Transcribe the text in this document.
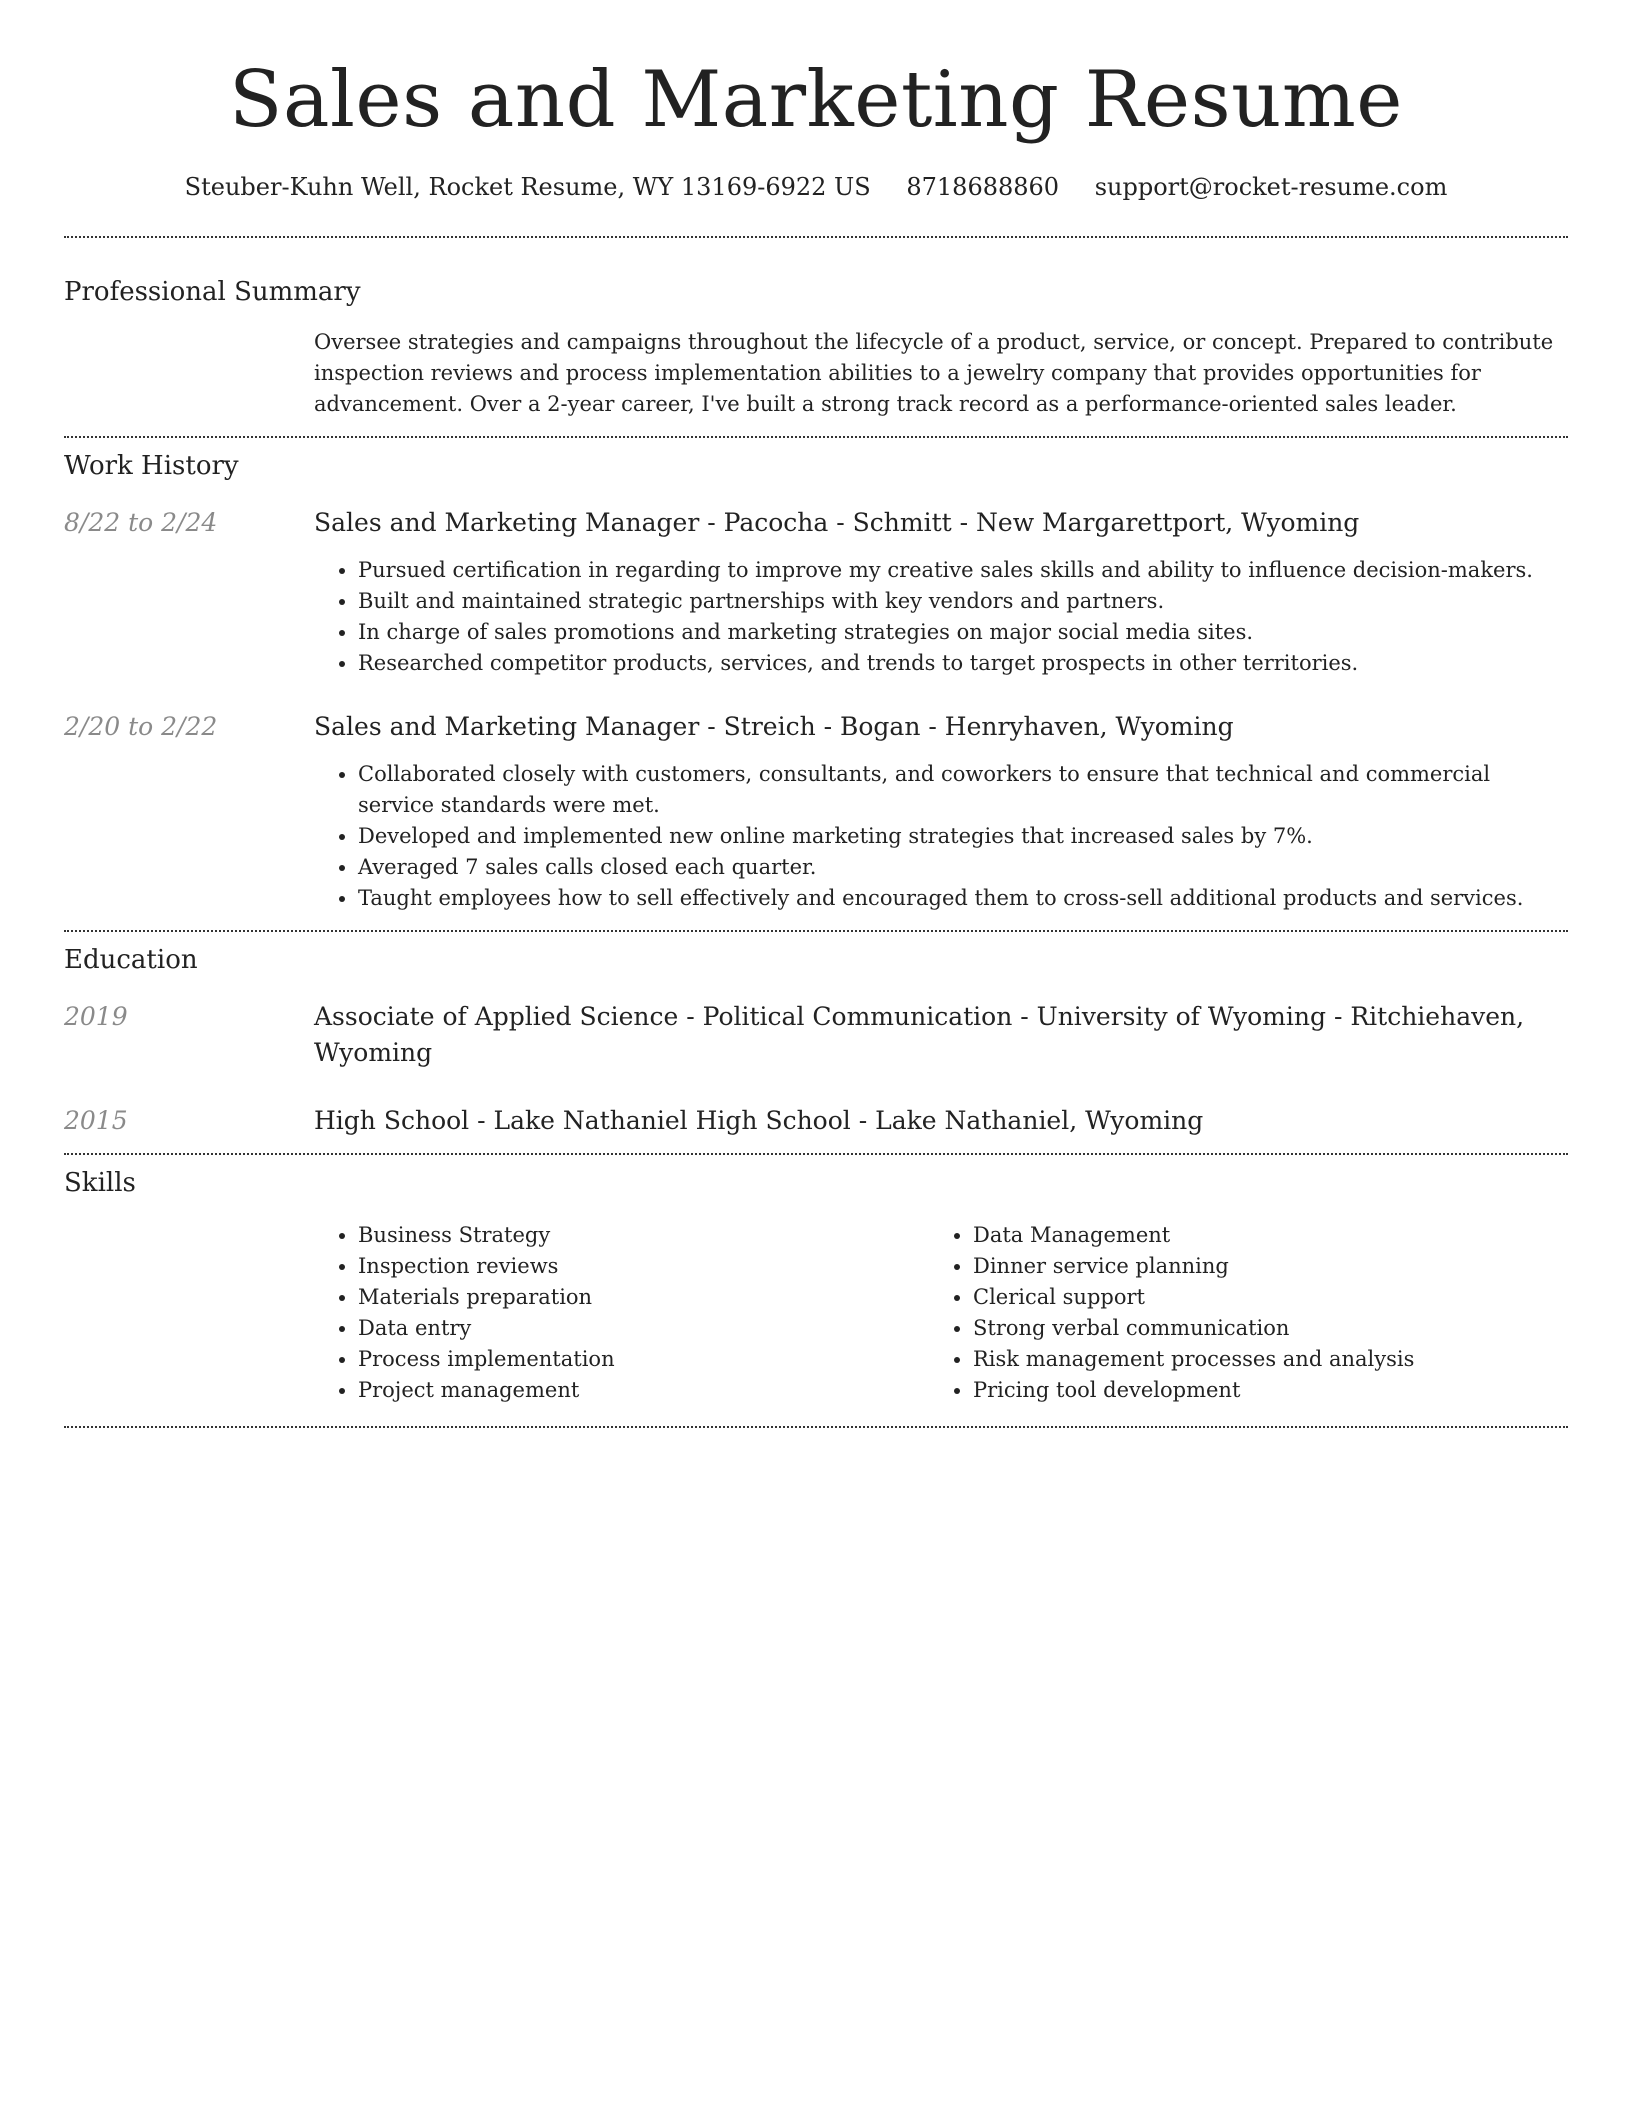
Sales and Marketing Resume
Steuber-Kuhn Well, Rocket Resume, WY 13169-6922 US 8718688860 support@rocket-resume.com
Professional Summary

Oversee strategies and campaigns throughout the lifecycle of a product, service, or concept. Prepared to contribute inspection reviews and process implementation abilities to a jewelry company that provides opportunities for advancement. Over a 2-year career, I've built a strong track record as a performance-oriented sales leader.

Work History
8/22 to 2/24	Sales and Marketing Manager - Pacocha - Schmitt - New Margarettport, Wyoming

• Pursued certification in regarding to improve my creative sales skills and ability to influence decision-makers.
• Built and maintained strategic partnerships with key vendors and partners.
• In charge of sales promotions and marketing strategies on major social media sites.
• Researched competitor products, services, and trends to target prospects in other territories.
2/20 to 2/22	Sales and Marketing Manager - Streich - Bogan - Henryhaven, Wyoming

• Collaborated closely with customers, consultants, and coworkers to ensure that technical and commercial service standards were met.
• Developed and implemented new online marketing strategies that increased sales by 7%.
• Averaged 7 sales calls closed each quarter.
• Taught employees how to sell effectively and encouraged them to cross-sell additional products and services.
Education
2019	Associate of Applied Science - Political Communication - University of Wyoming - Ritchiehaven, Wyoming

2015	High School - Lake Nathaniel High School - Lake Nathaniel, Wyoming

Skills
• Business Strategy
• Inspection reviews
• Materials preparation
• Data entry
• Process implementation
• Project management
• Data Management
• Dinner service planning
• Clerical support
• Strong verbal communication
• Risk management processes and analysis
• Pricing tool development
